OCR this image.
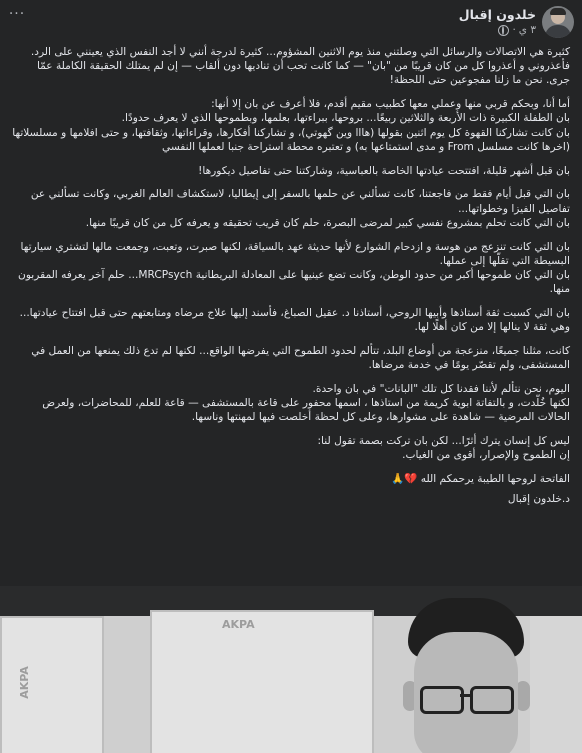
خلدون إقبال
٣ ي
·
···

كثيرة هي الاتصالات والرسائل التي وصلتني منذ يوم الاثنين المشؤوم... كثيرة لدرجة أنني لا أجد النفس الذي يعينني على الرد.
فأعذروني و أعذروا كل من كان قريبًا من "بان" — كما كانت تحب أن تناديها دون ألقاب — إن لم يمتلك الحقيقة الكاملة عمّا جرى. نحن ما زلنا مفجوعين حتى اللحظة!

أما أنا، وبحكم قربي منها وعملي معها كطبيب مقيم أقدم، فلا أعرف عن بان إلا أنها:
بان الطفلة الكبيرة ذات الأربعة والثلاثين ربيعًا... بروحها، ببراءتها، بعلمها، وبطموحها الذي لا يعرف حدودًا.
بان كانت تشاركنا القهوة كل يوم اثنين بقولها (هااا وين گهوتي)، و تشاركنا أفكارها، وقراءاتها، وثقافتها، و حتى افلامها و مسلسلاتها (اخرها كانت مسلسل From و مدى استمتاعها به) و تعتبره محطة استراحة جنبا لعملها النفسي

بان قبل أشهر قليلة، افتتحت عيادتها الخاصة بالعباسية، وشاركتنا حتى تفاصيل ديكورها!

بان التي قبل أيام فقط من فاجعتنا، كانت تسألني عن حلمها بالسفر إلى إيطاليا، لاستكشاف العالم الغربي، وكانت تسألني عن تفاصيل الفيزا وخطواتها...
بان التي كانت تحلم بمشروع نفسي كبير لمرضى البصرة، حلم كان قريب تحقيقه و يعرفه كل من كان قريبًا منها.

بان التي كانت تنزعج من هوسة و ازدحام الشوارع لأنها حديثة عهد بالسياقة، لكنها صبرت، وتعبت، وجمعت مالها لتشتري سيارتها البسيطة التي تقلّها إلى عملها.
بان التي كان طموحها أكبر من حدود الوطن، وكانت تضع عينيها على المعادلة البريطانية MRCPsych... حلم آخر يعرفه المقربون منها.

بان التي كسبت ثقة أستاذها وأبيها الروحي، أستاذنا د. عقيل الصباغ، فأسند إليها علاج مرضاه ومتابعتهم حتى قبل افتتاح عيادتها... وهي ثقة لا ينالها إلا من كان أهلًا لها.

كانت، مثلنا جميعًا، منزعجة من أوضاع البلد، تتألم لحدود الطموح التي يفرضها الواقع... لكنها لم تدع ذلك يمنعها من العمل في المستشفى، ولم تقصّر يومًا في خدمة مرضاها.

اليوم، نحن نتألم لأننا فقدنا كل تلك "البانات" في بان واحدة.
لكنها خُلّدت، و بالتفاتة ابوية كريمة من استاذها ، اسمها محفور على قاعة بالمستشفى — قاعة للعلم، للمحاضرات، ولعرض الحالات المرضية — شاهدة على مشوارها، وعلى كل لحظة أخلصت فيها لمهنتها وناسها.

ليس كل إنسان يترك أثرًا... لكن بان تركت بصمة تقول لنا:
إن الطموح والإصرار، أقوى من الغياب.

الفاتحة لروحها الطيبة يرحمكم الله 💔🙏

د.خلدون إقبال

AKPA
AKPA
